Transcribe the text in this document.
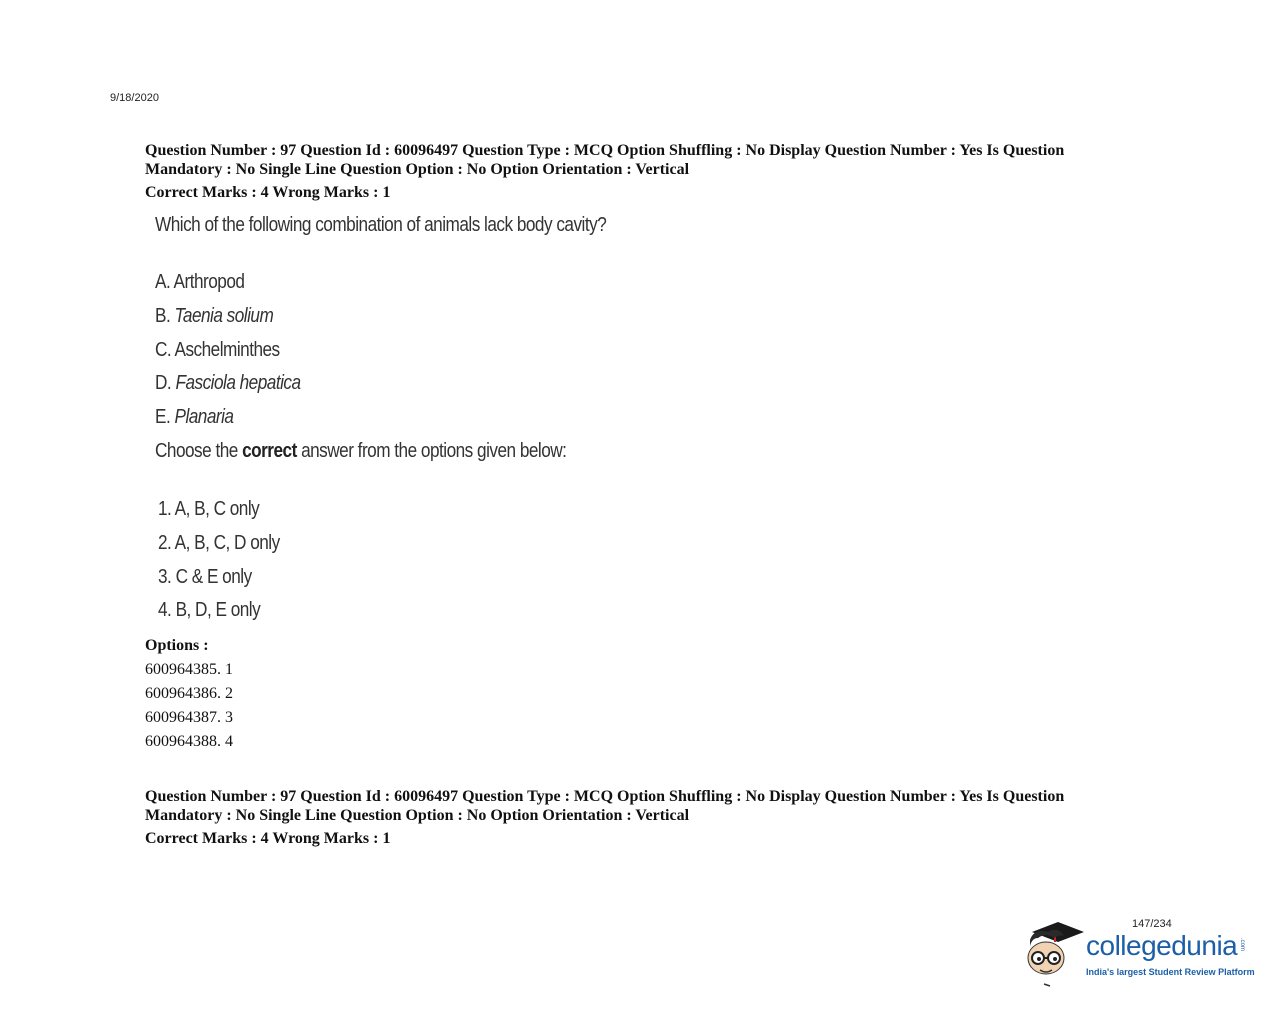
9/18/2020
Question Number : 97 Question Id : 60096497 Question Type : MCQ Option Shuffling : No Display Question Number : Yes Is Question
Mandatory : No Single Line Question Option : No Option Orientation : Vertical
Correct Marks : 4 Wrong Marks : 1
Which of the following combination of animals lack body cavity?
A. Arthropod
B. Taenia solium
C. Aschelminthes
D. Fasciola hepatica
E. Planaria
Choose the correct answer from the options given below:
1. A, B, C only
2. A, B, C, D only
3. C & E only
4. B, D, E only
Options :
600964385. 1
600964386. 2
600964387. 3
600964388. 4
Question Number : 97 Question Id : 60096497 Question Type : MCQ Option Shuffling : No Display Question Number : Yes Is Question
Mandatory : No Single Line Question Option : No Option Orientation : Vertical
Correct Marks : 4 Wrong Marks : 1
147/234
collegedunia .com
India's largest Student Review Platform
